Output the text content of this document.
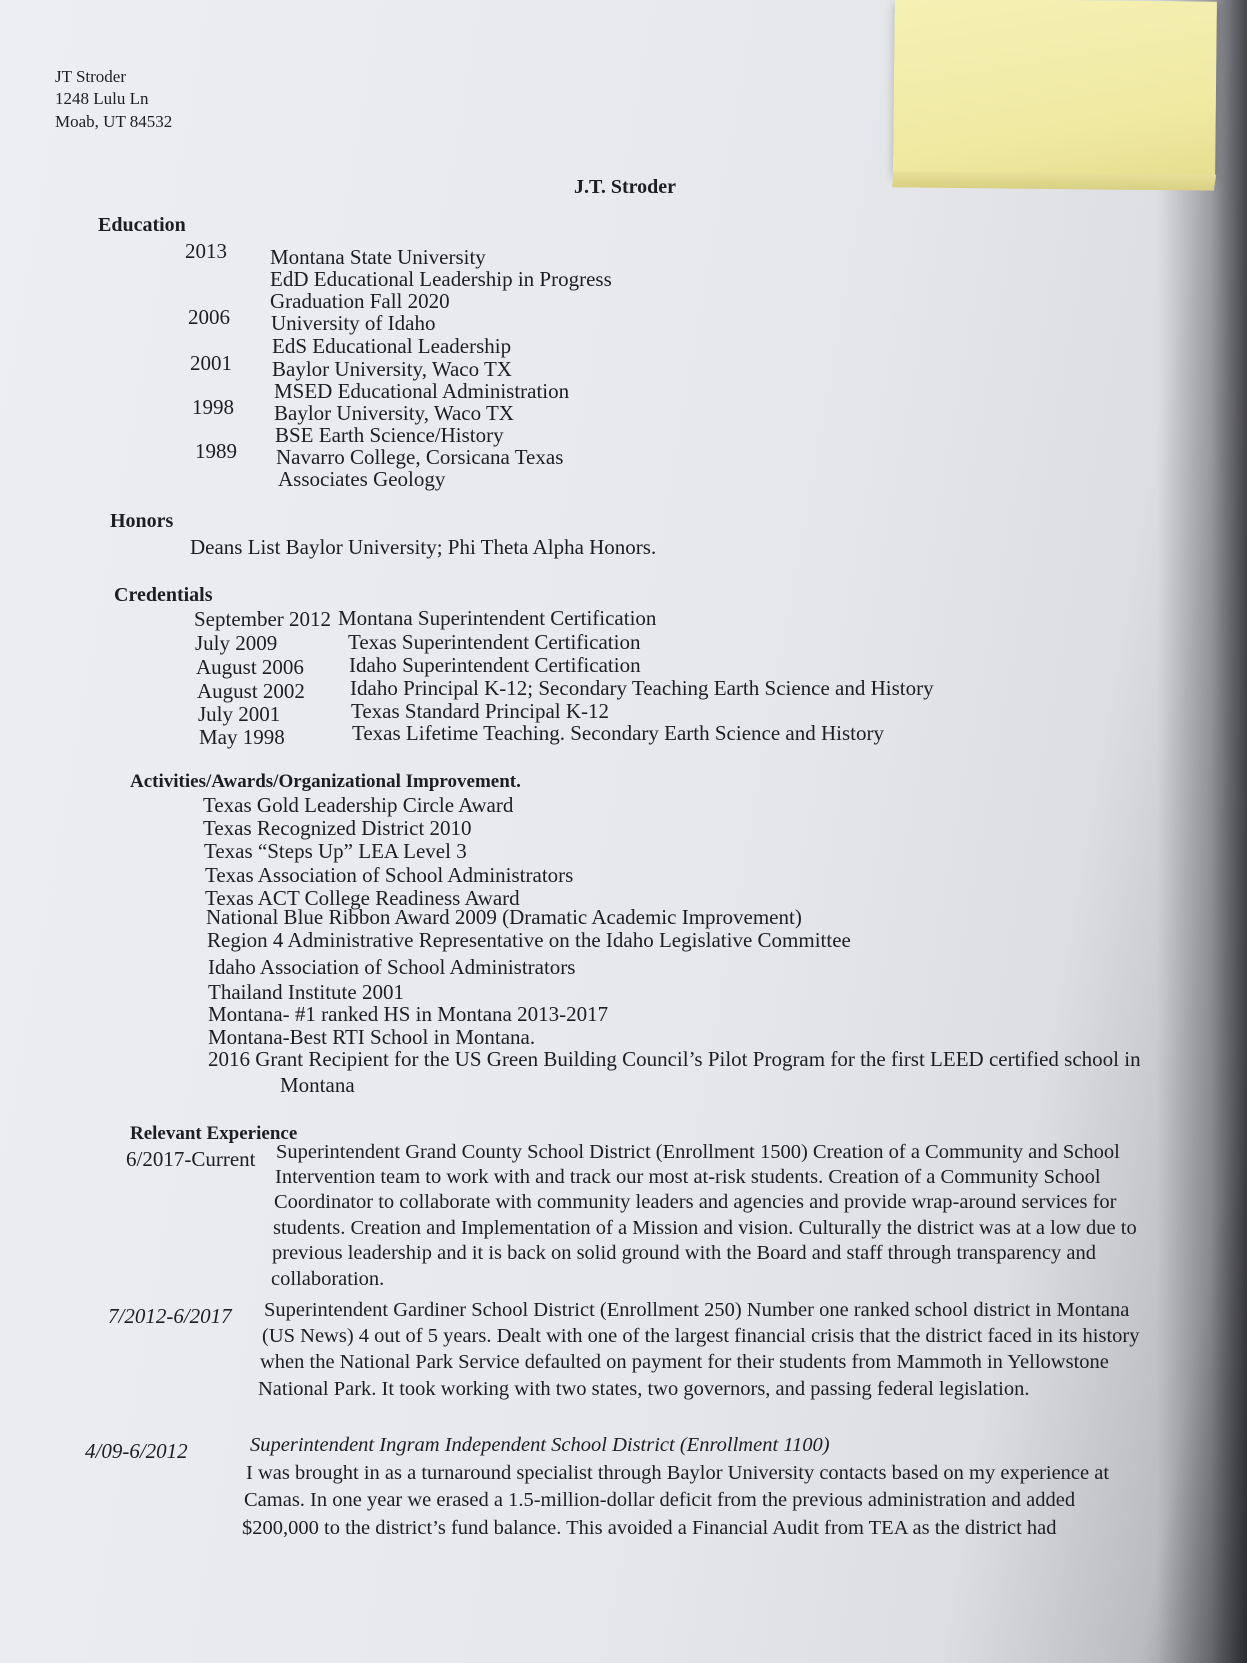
JT Stroder
1248 Lulu Ln
Moab, UT 84532
J.T. Stroder
Education
2013 Montana State University
EdD Educational Leadership in Progress
Graduation Fall 2020
2006 University of Idaho
EdS Educational Leadership
2001 Baylor University, Waco TX
MSED Educational Administration
1998 Baylor University, Waco TX
BSE Earth Science/History
1989 Navarro College, Corsicana Texas
Associates Geology
Honors
Deans List Baylor University; Phi Theta Alpha Honors.
Credentials
September 2012 Montana Superintendent Certification
July 2009	Texas Superintendent Certification
August 2006 Idaho Superintendent Certification
August 2002 Idaho Principal K-12; Secondary Teaching Earth Science and History
July 2001	Texas Standard Principal K-12
May 1998	Texas Lifetime Teaching. Secondary Earth Science and History
Activities/Awards/Organizational Improvement.
Texas Gold Leadership Circle Award
Texas Recognized District 2010
Texas “Steps Up” LEA Level 3
Texas Association of School Administrators
Texas ACT College Readiness Award
National Blue Ribbon Award 2009 (Dramatic Academic Improvement)
Region 4 Administrative Representative on the Idaho Legislative Committee
Idaho Association of School Administrators
Thailand Institute 2001
Montana- #1 ranked HS in Montana 2013-2017
Montana-Best RTI School in Montana.
2016 Grant Recipient for the US Green Building Council’s Pilot Program for the first LEED certified school in
Montana
Relevant Experience
6/2017-Current Superintendent Grand County School District (Enrollment 1500) Creation of a Community and School
Intervention team to work with and track our most at-risk students. Creation of a Community School
Coordinator to collaborate with community leaders and agencies and provide wrap-around services for
students. Creation and Implementation of a Mission and vision. Culturally the district was at a low due to
previous leadership and it is back on solid ground with the Board and staff through transparency and
collaboration.
7/2012-6/2017 Superintendent Gardiner School District (Enrollment 250) Number one ranked school district in Montana
(US News) 4 out of 5 years. Dealt with one of the largest financial crisis that the district faced in its history
when the National Park Service defaulted on payment for their students from Mammoth in Yellowstone
National Park. It took working with two states, two governors, and passing federal legislation.
4/09-6/2012	Superintendent Ingram Independent School District (Enrollment 1100)
I was brought in as a turnaround specialist through Baylor University contacts based on my experience at
Camas. In one year we erased a 1.5-million-dollar deficit from the previous administration and added
$200,000 to the district’s fund balance. This avoided a Financial Audit from TEA as the district had
